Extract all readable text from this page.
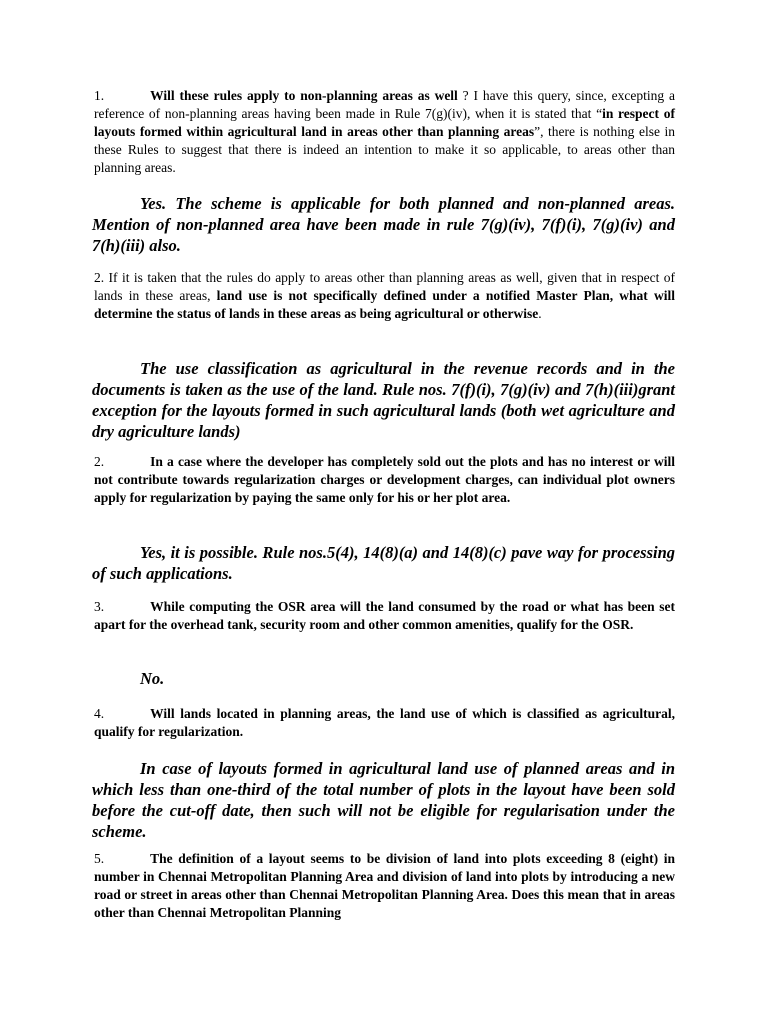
1.	Will these rules apply to non-planning areas as well ? I have this query, since, excepting a reference of non-planning areas having been made in Rule 7(g)(iv), when it is stated that “in respect of layouts formed within agricultural land in areas other than planning areas”, there is nothing else in these Rules to suggest that there is indeed an intention to make it so applicable, to areas other than planning areas.
Yes. The scheme is applicable for both planned and non-planned areas. Mention of non-planned area have been made in rule 7(g)(iv), 7(f)(i), 7(g)(iv) and 7(h)(iii) also.
2. If it is taken that the rules do apply to areas other than planning areas as well, given that in respect of lands in these areas, land use is not specifically defined under a notified Master Plan, what will determine the status of lands in these areas as being agricultural or otherwise.
The use classification as agricultural in the revenue records and in the documents is taken as the use of the land. Rule nos. 7(f)(i), 7(g)(iv) and 7(h)(iii)grant exception for the layouts formed in such agricultural lands (both wet agriculture and dry agriculture lands)
2.	In a case where the developer has completely sold out the plots and has no interest or will not contribute towards regularization charges or development charges, can individual plot owners apply for regularization by paying the same only for his or her plot area.
Yes, it is possible. Rule nos.5(4), 14(8)(a) and 14(8)(c) pave way for processing of such applications.
3.	While computing the OSR area will the land consumed by the road or what has been set apart for the overhead tank, security room and other common amenities, qualify for the OSR.
No.
4.	Will lands located in planning areas, the land use of which is classified as agricultural, qualify for regularization.
In case of layouts formed in agricultural land use of planned areas and in which less than one-third of the total number of plots in the layout have been sold before the cut-off date, then such will not be eligible for regularisation under the scheme.
5.	The definition of a layout seems to be division of land into plots exceeding 8 (eight) in number in Chennai Metropolitan Planning Area and division of land into plots by introducing a new road or street in areas other than Chennai Metropolitan Planning Area. Does this mean that in areas other than Chennai Metropolitan Planning
